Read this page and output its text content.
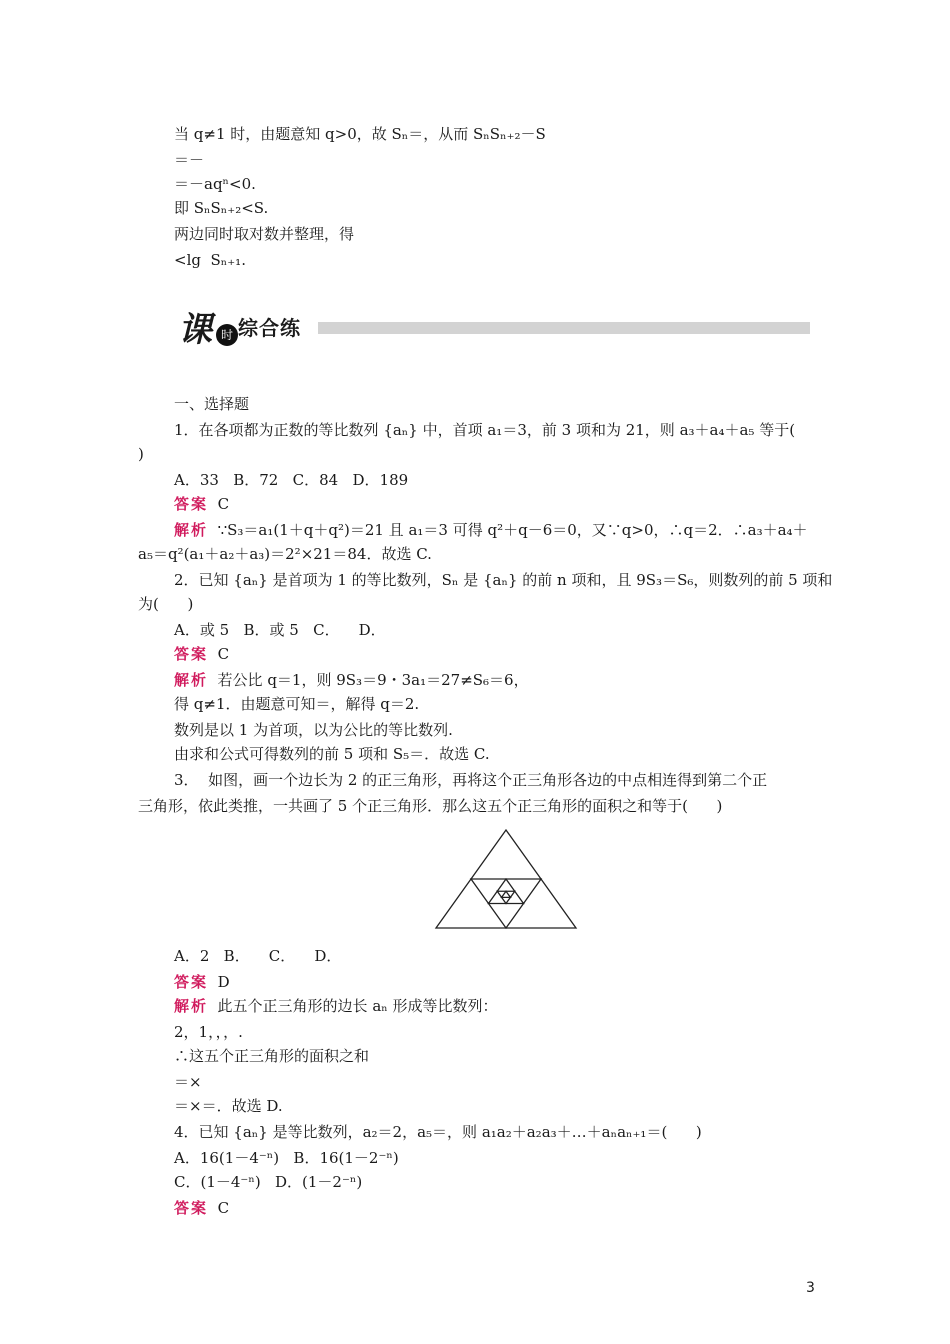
当 q≠1 时，由题意知 q>0，故 Sₙ＝，从而 SₙSₙ₊₂－S
＝－
＝－aqⁿ<0.
即 SₙSₙ₊₂<S.
两边同时取对数并整理，得
<lg  Sₙ₊₁.
课 时 综合练
一、选择题
1．在各项都为正数的等比数列 {aₙ} 中，首项 a₁＝3，前 3 项和为 21，则 a₃＋a₄＋a₅ 等于(
)
A．33   B．72   C．84   D．189
答案 C
解析 ∵S₃＝a₁(1＋q＋q²)＝21 且 a₁＝3 可得 q²＋q－6＝0，又∵q>0，∴q＝2．∴a₃＋a₄＋
a₅＝q²(a₁＋a₂＋a₃)＝2²×21＝84．故选 C.
2．已知 {aₙ} 是首项为 1 的等比数列，Sₙ 是 {aₙ} 的前 n 项和，且 9S₃＝S₆，则数列的前 5 项和
为(      )
A．或 5   B．或 5   C．    D．
答案 C
解析  若公比 q＝1，则 9S₃＝9・3a₁＝27≠S₆＝6，
得 q≠1．由题意可知＝，解得 q＝2.
数列是以 1 为首项，以为公比的等比数列.
由求和公式可得数列的前 5 项和 S₅＝．故选 C.
3．  如图，画一个边长为 2 的正三角形，再将这个正三角形各边的中点相连得到第二个正
三角形，依此类推，一共画了 5 个正三角形．那么这五个正三角形的面积之和等于(      )
A．2   B．    C．    D．
答案 D
解析  此五个正三角形的边长 aₙ 形成等比数列：
2，1，，，.
∴这五个正三角形的面积之和
＝×
＝×＝．故选 D.
4．已知 {aₙ} 是等比数列，a₂＝2，a₅＝，则 a₁a₂＋a₂a₃＋…＋aₙaₙ₊₁＝(      )
A．16(1－4⁻ⁿ)   B．16(1－2⁻ⁿ)
C．(1－4⁻ⁿ)   D．(1－2⁻ⁿ)
答案 C
3
